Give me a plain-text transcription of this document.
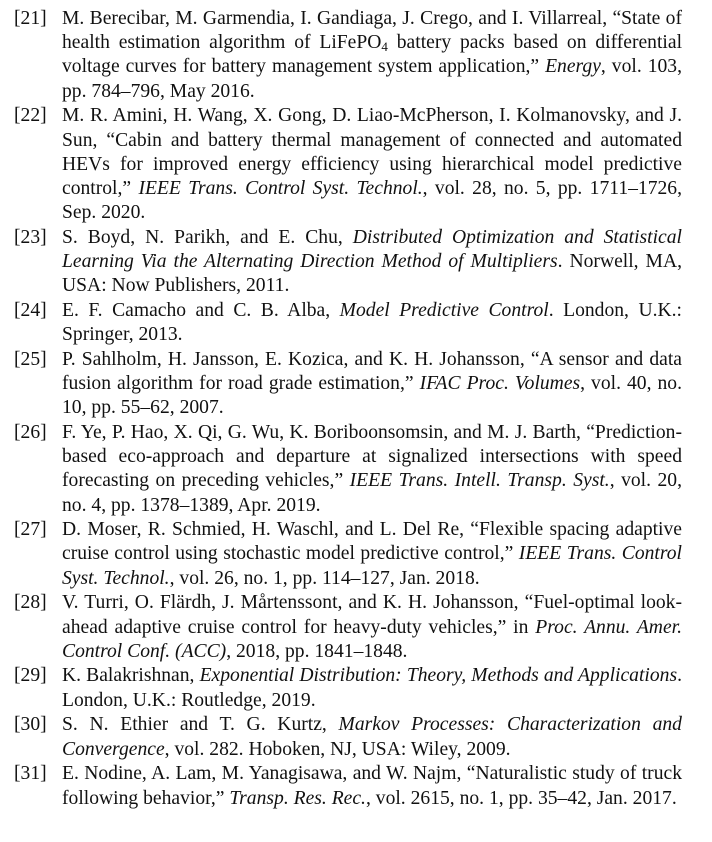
[21] M. Berecibar, M. Garmendia, I. Gandiaga, J. Crego, and I. Villarreal, “State of health estimation algorithm of LiFePO$_4$ battery packs based on differential voltage curves for battery management system application,” Energy, vol. 103, pp. 784–796, May 2016.
[22] M. R. Amini, H. Wang, X. Gong, D. Liao-McPherson, I. Kolmanovsky, and J. Sun, “Cabin and battery thermal management of connected and automated HEVs for improved energy efficiency using hierarchical model predictive control,” IEEE Trans. Control Syst. Technol., vol. 28, no. 5, pp. 1711–1726, Sep. 2020.
[23] S. Boyd, N. Parikh, and E. Chu, Distributed Optimization and Statistical Learning Via the Alternating Direction Method of Multipliers. Norwell, MA, USA: Now Publishers, 2011.
[24] E. F. Camacho and C. B. Alba, Model Predictive Control. London, U.K.: Springer, 2013.
[25] P. Sahlholm, H. Jansson, E. Kozica, and K. H. Johansson, “A sensor and data fusion algorithm for road grade estimation,” IFAC Proc. Volumes, vol. 40, no. 10, pp. 55–62, 2007.
[26] F. Ye, P. Hao, X. Qi, G. Wu, K. Boriboonsomsin, and M. J. Barth, “Prediction-based eco-approach and departure at signalized intersections with speed forecasting on preceding vehicles,” IEEE Trans. Intell. Transp. Syst., vol. 20, no. 4, pp. 1378–1389, Apr. 2019.
[27] D. Moser, R. Schmied, H. Waschl, and L. Del Re, “Flexible spacing adaptive cruise control using stochastic model predictive control,” IEEE Trans. Control Syst. Technol., vol. 26, no. 1, pp. 114–127, Jan. 2018.
[28] V. Turri, O. Flärdh, J. Mårtenssont, and K. H. Johansson, “Fuel-optimal look-ahead adaptive cruise control for heavy-duty vehicles,” in Proc. Annu. Amer. Control Conf. (ACC), 2018, pp. 1841–1848.
[29] K. Balakrishnan, Exponential Distribution: Theory, Methods and Applications. London, U.K.: Routledge, 2019.
[30] S. N. Ethier and T. G. Kurtz, Markov Processes: Characterization and Convergence, vol. 282. Hoboken, NJ, USA: Wiley, 2009.
[31] E. Nodine, A. Lam, M. Yanagisawa, and W. Najm, “Naturalistic study of truck following behavior,” Transp. Res. Rec., vol. 2615, no. 1, pp. 35–42, Jan. 2017.
